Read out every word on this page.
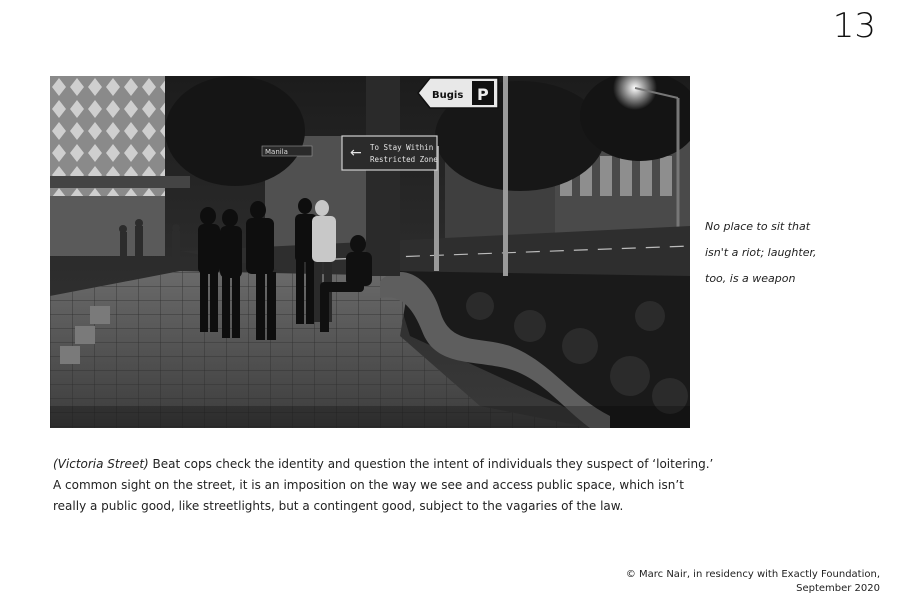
13
Bugis P
← To Stay Within
Restricted Zone
Manila
No place to sit that
isn't a riot; laughter,
too, is a weapon
(Victoria Street) Beat cops check the identity and question the intent of individuals they suspect of ‘loitering.’
A common sight on the street, it is an imposition on the way we see and access public space, which isn’t
really a public good, like streetlights, but a contingent good, subject to the vagaries of the law.
© Marc Nair, in residency with Exactly Foundation,
September 2020
